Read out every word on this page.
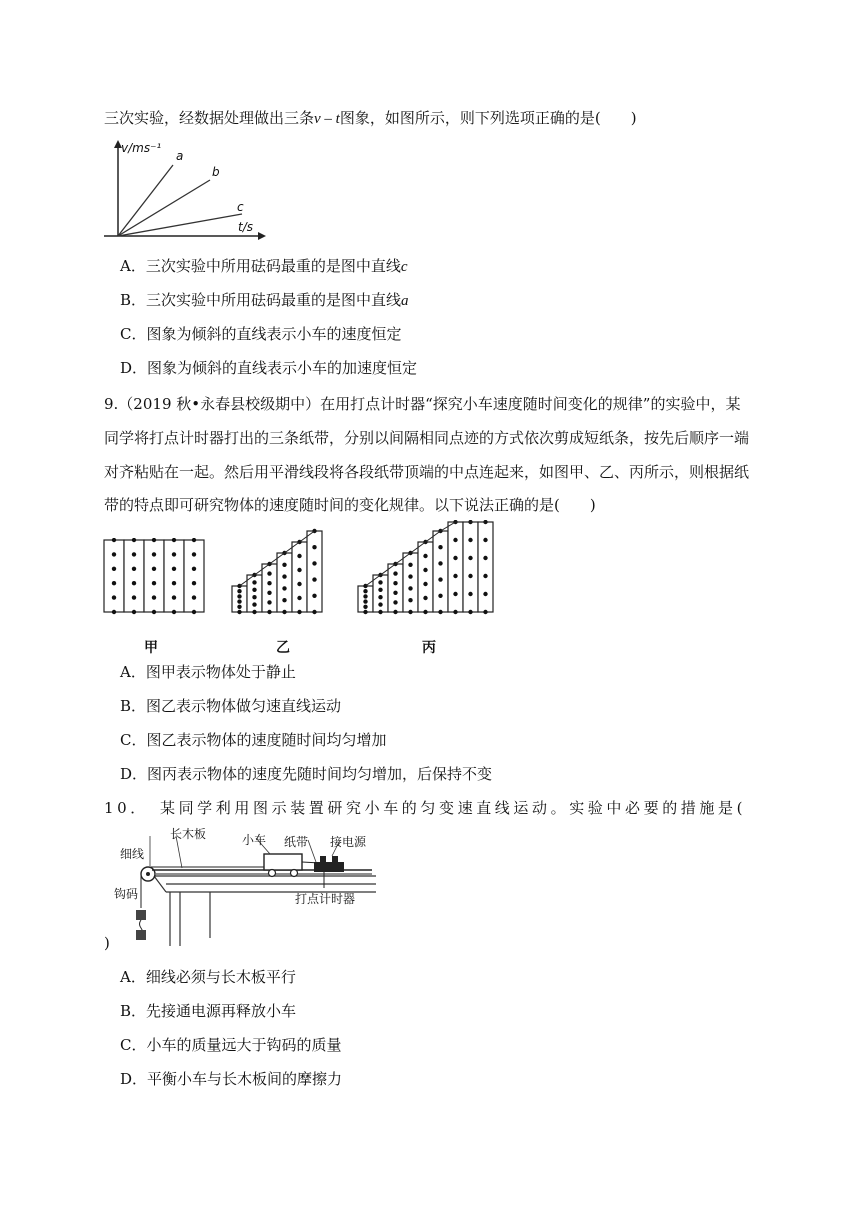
三次实验，经数据处理做出三条v – t图象，如图所示，则下列选项正确的是(　　)
v/ms⁻¹
t/s
a
b
c
A．三次实验中所用砝码最重的是图中直线c
B．三次实验中所用砝码最重的是图中直线a
C．图象为倾斜的直线表示小车的速度恒定
D．图象为倾斜的直线表示小车的加速度恒定
9.（2019 秋•永春县校级期中）在用打点计时器“探究小车速度随时间变化的规律”的实验中，某
同学将打点计时器打出的三条纸带，分别以间隔相同点迹的方式依次剪成短纸条，按先后顺序一端
对齐粘贴在一起。然后用平滑线段将各段纸带顶端的中点连起来，如图甲、乙、丙所示，则根据纸
带的特点即可研究物体的速度随时间的变化规律。以下说法正确的是(　　)
甲	乙	丙
A．图甲表示物体处于静止
B．图乙表示物体做匀速直线运动
C．图乙表示物体的速度随时间均匀增加
D．图丙表示物体的速度先随时间均匀增加，后保持不变
10．　某同学利用图示装置研究小车的匀变速直线运动。实验中必要的措施是(
细线
长木板	小车 纸带 接电源
钩码	打点计时器
)
A．细线必须与长木板平行
B．先接通电源再释放小车
C．小车的质量远大于钩码的质量
D．平衡小车与长木板间的摩擦力
